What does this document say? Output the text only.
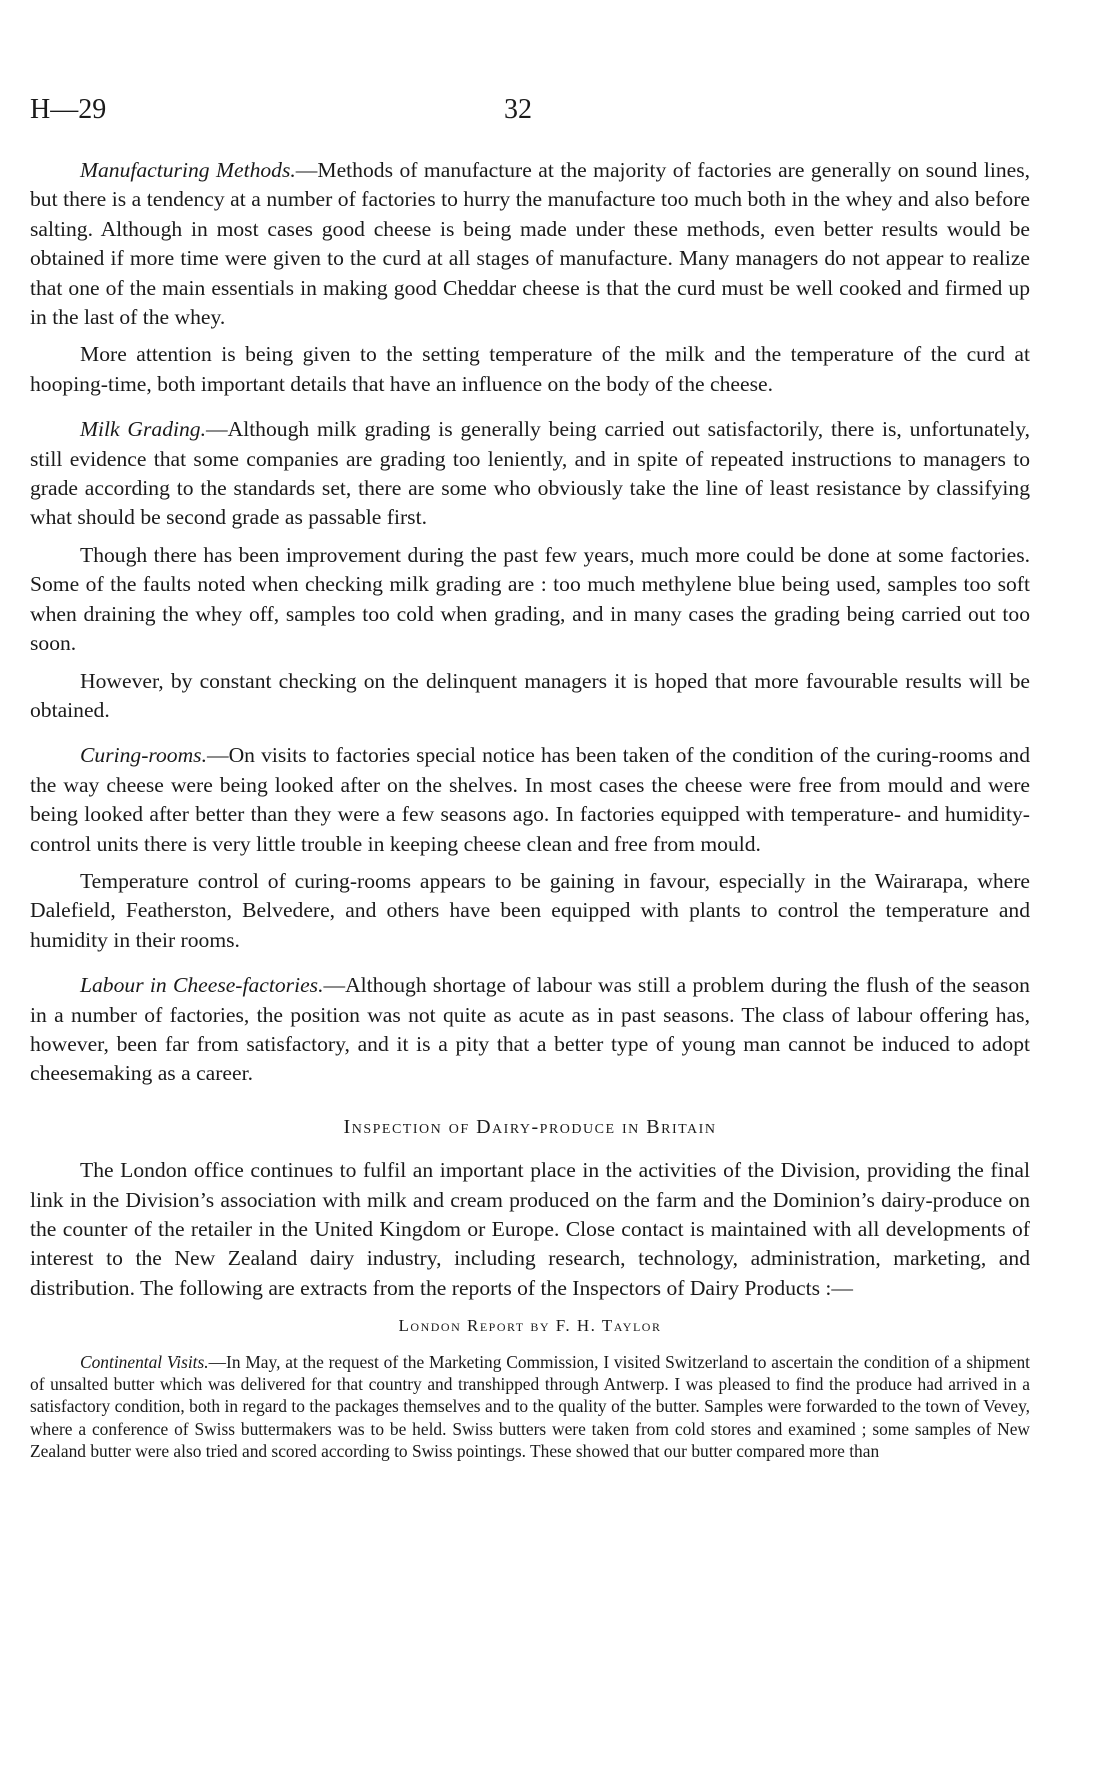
H—29	32

Manufacturing Methods.—Methods of manufacture at the majority of factories are generally on sound lines, but there is a tendency at a number of factories to hurry the manufacture too much both in the whey and also before salting. Although in most cases good cheese is being made under these methods, even better results would be obtained if more time were given to the curd at all stages of manufacture. Many managers do not appear to realize that one of the main essentials in making good Cheddar cheese is that the curd must be well cooked and firmed up in the last of the whey.

More attention is being given to the setting temperature of the milk and the temperature of the curd at hooping-time, both important details that have an influence on the body of the cheese.

Milk Grading.—Although milk grading is generally being carried out satisfactorily, there is, unfortunately, still evidence that some companies are grading too leniently, and in spite of repeated instructions to managers to grade according to the standards set, there are some who obviously take the line of least resistance by classifying what should be second grade as passable first.

Though there has been improvement during the past few years, much more could be done at some factories. Some of the faults noted when checking milk grading are : too much methylene blue being used, samples too soft when draining the whey off, samples too cold when grading, and in many cases the grading being carried out too soon.

However, by constant checking on the delinquent managers it is hoped that more favourable results will be obtained.

Curing-rooms.—On visits to factories special notice has been taken of the condition of the curing-rooms and the way cheese were being looked after on the shelves. In most cases the cheese were free from mould and were being looked after better than they were a few seasons ago. In factories equipped with temperature- and humidity-control units there is very little trouble in keeping cheese clean and free from mould.

Temperature control of curing-rooms appears to be gaining in favour, especially in the Wairarapa, where Dalefield, Featherston, Belvedere, and others have been equipped with plants to control the temperature and humidity in their rooms.

Labour in Cheese-factories.—Although shortage of labour was still a problem during the flush of the season in a number of factories, the position was not quite as acute as in past seasons. The class of labour offering has, however, been far from satisfactory, and it is a pity that a better type of young man cannot be induced to adopt cheesemaking as a career.

Inspection of Dairy-produce in Britain

The London office continues to fulfil an important place in the activities of the Division, providing the final link in the Division’s association with milk and cream produced on the farm and the Dominion’s dairy-produce on the counter of the retailer in the United Kingdom or Europe. Close contact is maintained with all developments of interest to the New Zealand dairy industry, including research, technology, administration, marketing, and distribution. The following are extracts from the reports of the Inspectors of Dairy Products :—

London Report by F. H. Taylor

Continental Visits.—In May, at the request of the Marketing Commission, I visited Switzerland to ascertain the condition of a shipment of unsalted butter which was delivered for that country and transhipped through Antwerp. I was pleased to find the produce had arrived in a satisfactory condition, both in regard to the packages themselves and to the quality of the butter. Samples were forwarded to the town of Vevey, where a conference of Swiss buttermakers was to be held. Swiss butters were taken from cold stores and examined ; some samples of New Zealand butter were also tried and scored according to Swiss pointings. These showed that our butter compared more than
